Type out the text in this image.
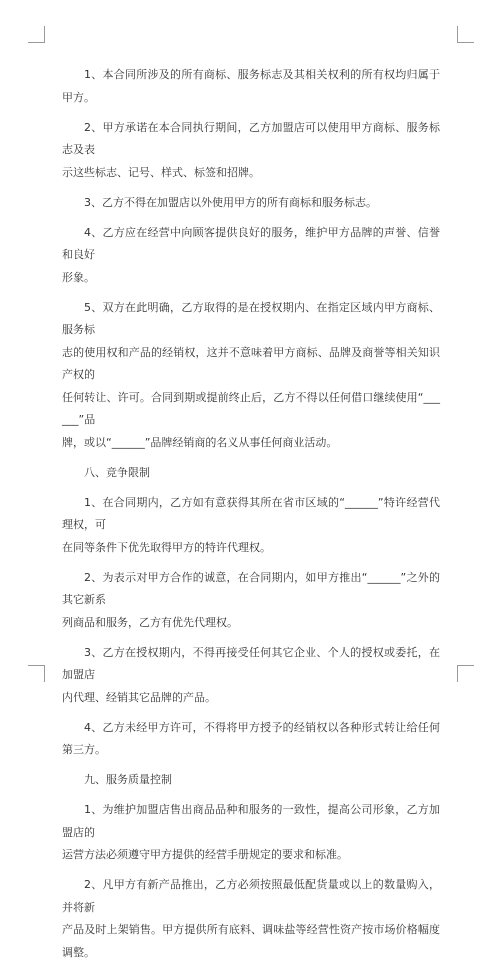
1、本合同所涉及的所有商标、服务标志及其相关权利的所有权均归属于甲方。

2、甲方承诺在本合同执行期间，乙方加盟店可以使用甲方商标、服务标志及表
示这些标志、记号、样式、标签和招牌。

3、乙方不得在加盟店以外使用甲方的所有商标和服务标志。

4、乙方应在经营中向顾客提供良好的服务，维护甲方品牌的声誉、信誉和良好
形象。

5、双方在此明确，乙方取得的是在授权期内、在指定区域内甲方商标、服务标
志的使用权和产品的经销权，这并不意味着甲方商标、品牌及商誉等相关知识产权的
任何转让、许可。合同到期或提前终止后，乙方不得以任何借口继续使用“______”品
牌，或以“______”品牌经销商的名义从事任何商业活动。

八、竞争限制

1、在合同期内，乙方如有意获得其所在省市区域的“______”特许经营代理权，可
在同等条件下优先取得甲方的特许代理权。

2、为表示对甲方合作的诚意，在合同期内，如甲方推出“______”之外的其它新系
列商品和服务，乙方有优先代理权。

3、乙方在授权期内，不得再接受任何其它企业、个人的授权或委托，在加盟店
内代理、经销其它品牌的产品。

4、乙方未经甲方许可，不得将甲方授予的经销权以各种形式转让给任何第三方。

九、服务质量控制

1、为维护加盟店售出商品品种和服务的一致性，提高公司形象，乙方加盟店的
运营方法必须遵守甲方提供的经营手册规定的要求和标准。

2、凡甲方有新产品推出，乙方必须按照最低配货量或以上的数量购入，并将新
产品及时上架销售。甲方提供所有底料、调味盐等经营性资产按市场价格幅度调整。
